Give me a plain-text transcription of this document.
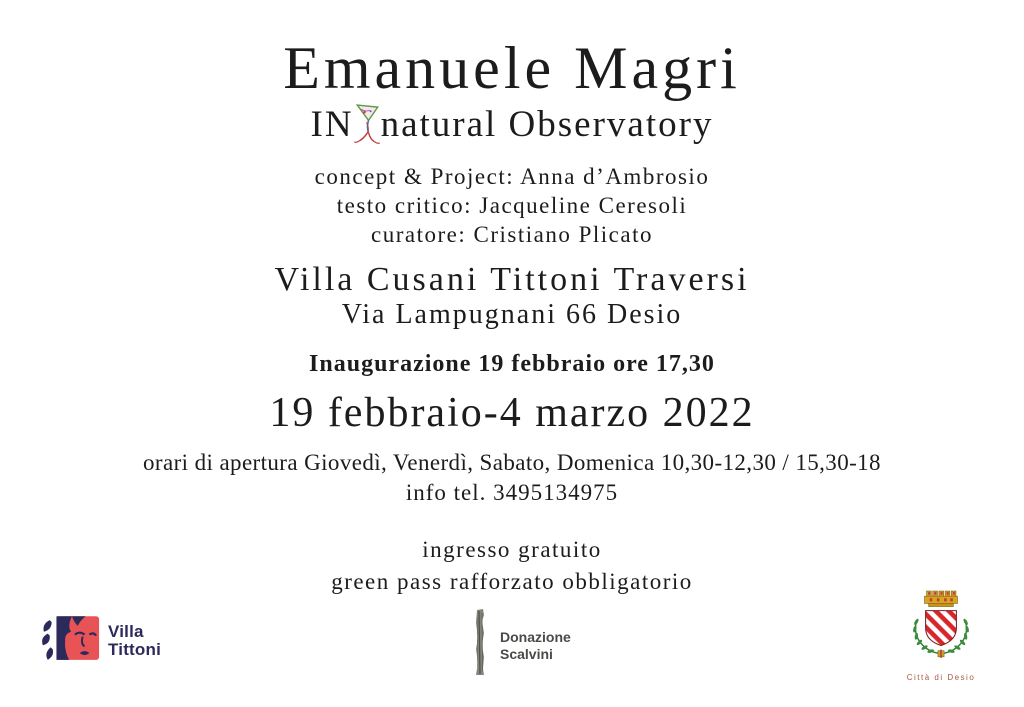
Emanuele Magri
IN natural Observatory
concept & Project: Anna d’Ambrosio
testo critico: Jacqueline Ceresoli
curatore: Cristiano Plicato
Villa Cusani Tittoni Traversi
Via Lampugnani 66 Desio
Inaugurazione 19 febbraio ore 17,30
19 febbraio-4 marzo 2022
orari di apertura Giovedì, Venerdì, Sabato, Domenica 10,30-12,30 / 15,30-18
info tel. 3495134975
ingresso gratuito
green pass rafforzato obbligatorio
Villa
Tittoni
Donazione
Scalvini
Città di Desio
